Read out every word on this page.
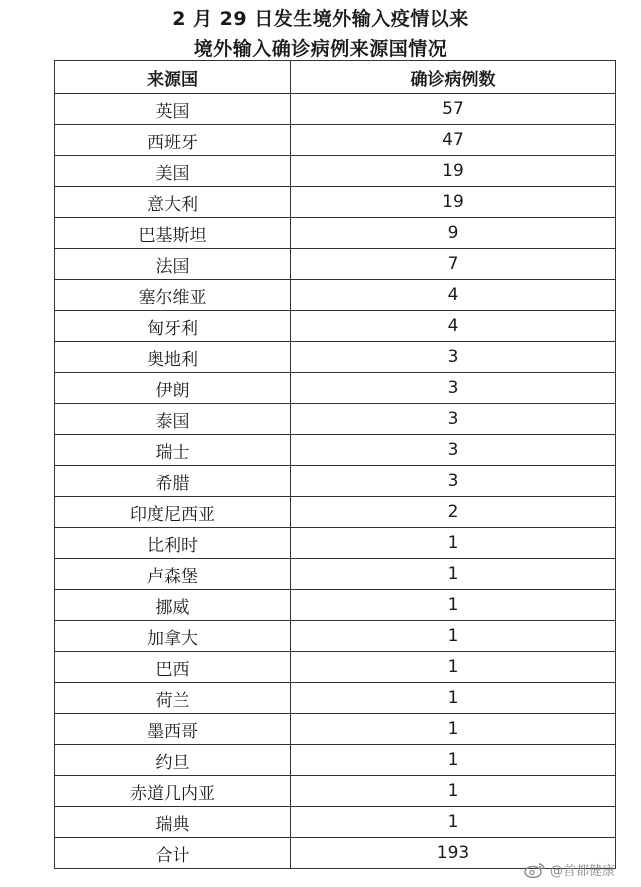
2 月 29 日发生境外输入疫情以来
境外输入确诊病例来源国情况
来源国	确诊病例数
英国	57
西班牙	47
美国	19
意大利	19
巴基斯坦	9
法国	7
塞尔维亚	4
匈牙利	4
奥地利	3
伊朗	3
泰国	3
瑞士	3
希腊	3
印度尼西亚	2
比利时	1
卢森堡	1
挪威	1
加拿大	1
巴西	1
荷兰	1
墨西哥	1
约旦	1
赤道几内亚	1
瑞典	1
合计	193
@首都健康
